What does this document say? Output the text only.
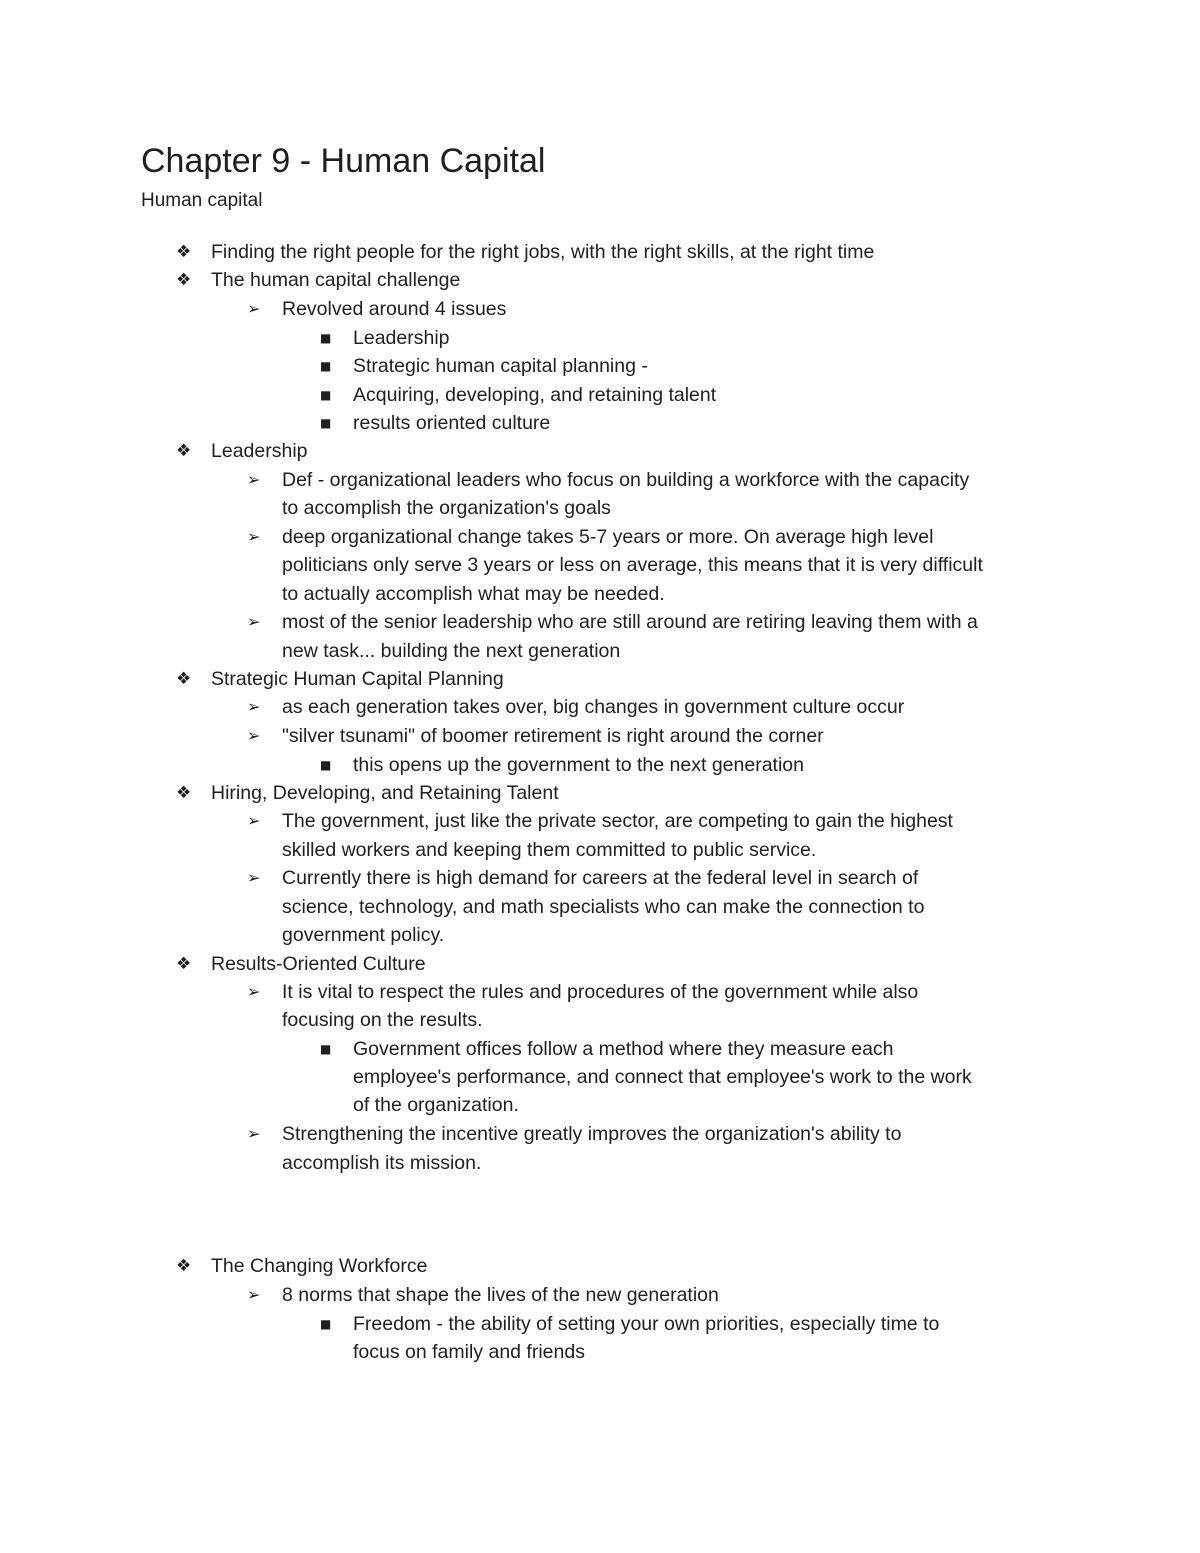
Chapter 9 - Human Capital

Human capital

❖ Finding the right people for the right jobs, with the right skills, at the right time
❖ The human capital challenge
➢ Revolved around 4 issues
■ Leadership
■ Strategic human capital planning -
■ Acquiring, developing, and retaining talent
■ results oriented culture
❖ Leadership
➢ Def - organizational leaders who focus on building a workforce with the capacity
to accomplish the organization's goals
➢ deep organizational change takes 5-7 years or more. On average high level
politicians only serve 3 years or less on average, this means that it is very difficult
to actually accomplish what may be needed.
➢ most of the senior leadership who are still around are retiring leaving them with a
new task... building the next generation
❖ Strategic Human Capital Planning
➢ as each generation takes over, big changes in government culture occur
➢ "silver tsunami" of boomer retirement is right around the corner
■ this opens up the government to the next generation
❖ Hiring, Developing, and Retaining Talent
➢ The government, just like the private sector, are competing to gain the highest
skilled workers and keeping them committed to public service.
➢ Currently there is high demand for careers at the federal level in search of
science, technology, and math specialists who can make the connection to
government policy.
❖ Results-Oriented Culture
➢ It is vital to respect the rules and procedures of the government while also
focusing on the results.
■ Government offices follow a method where they measure each
employee's performance, and connect that employee's work to the work
of the organization.
➢ Strengthening the incentive greatly improves the organization's ability to
accomplish its mission.
❖ The Changing Workforce
➢ 8 norms that shape the lives of the new generation
■ Freedom - the ability of setting your own priorities, especially time to
focus on family and friends
